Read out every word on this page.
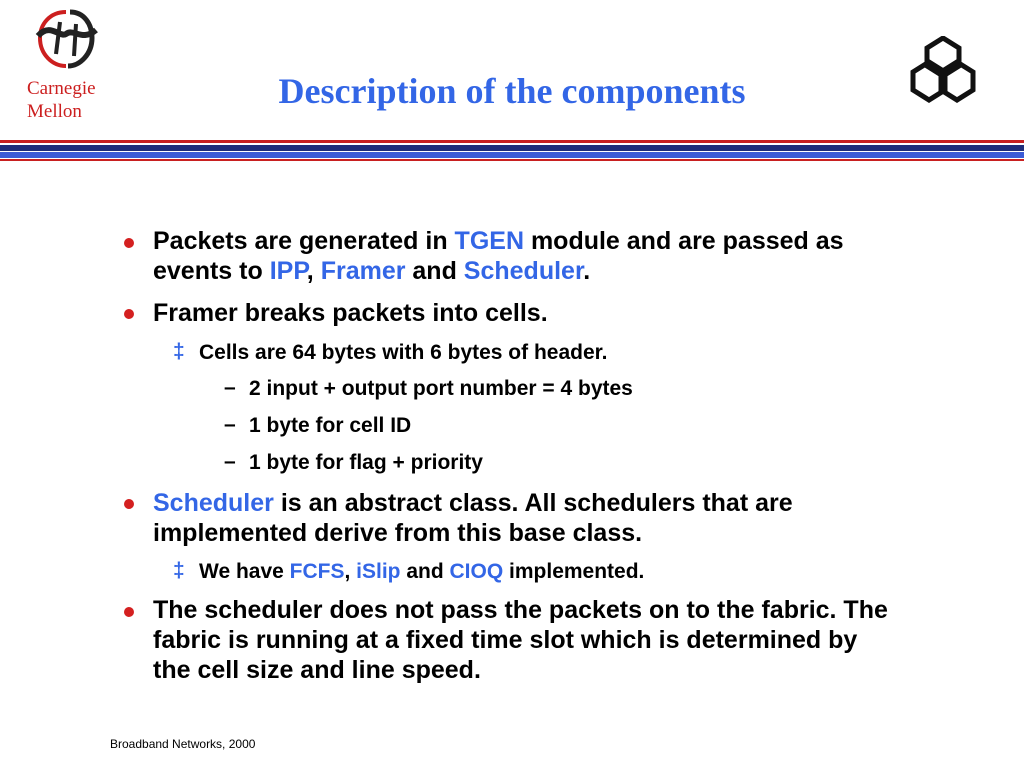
Carnegie
Mellon
Description of the components
Packets are generated in TGEN module and are passed as events to IPP, Framer and Scheduler.
Framer breaks packets into cells.
‡ Cells are 64 bytes with 6 bytes of header.
– 2 input + output port number = 4 bytes
– 1 byte for cell ID
– 1 byte for flag + priority
Scheduler is an abstract class. All schedulers that are implemented derive from this base class.
‡ We have FCFS, iSlip and CIOQ implemented.
The scheduler does not pass the packets on to the fabric. The fabric is running at a fixed time slot which is determined by the cell size and line speed.
Broadband Networks, 2000
